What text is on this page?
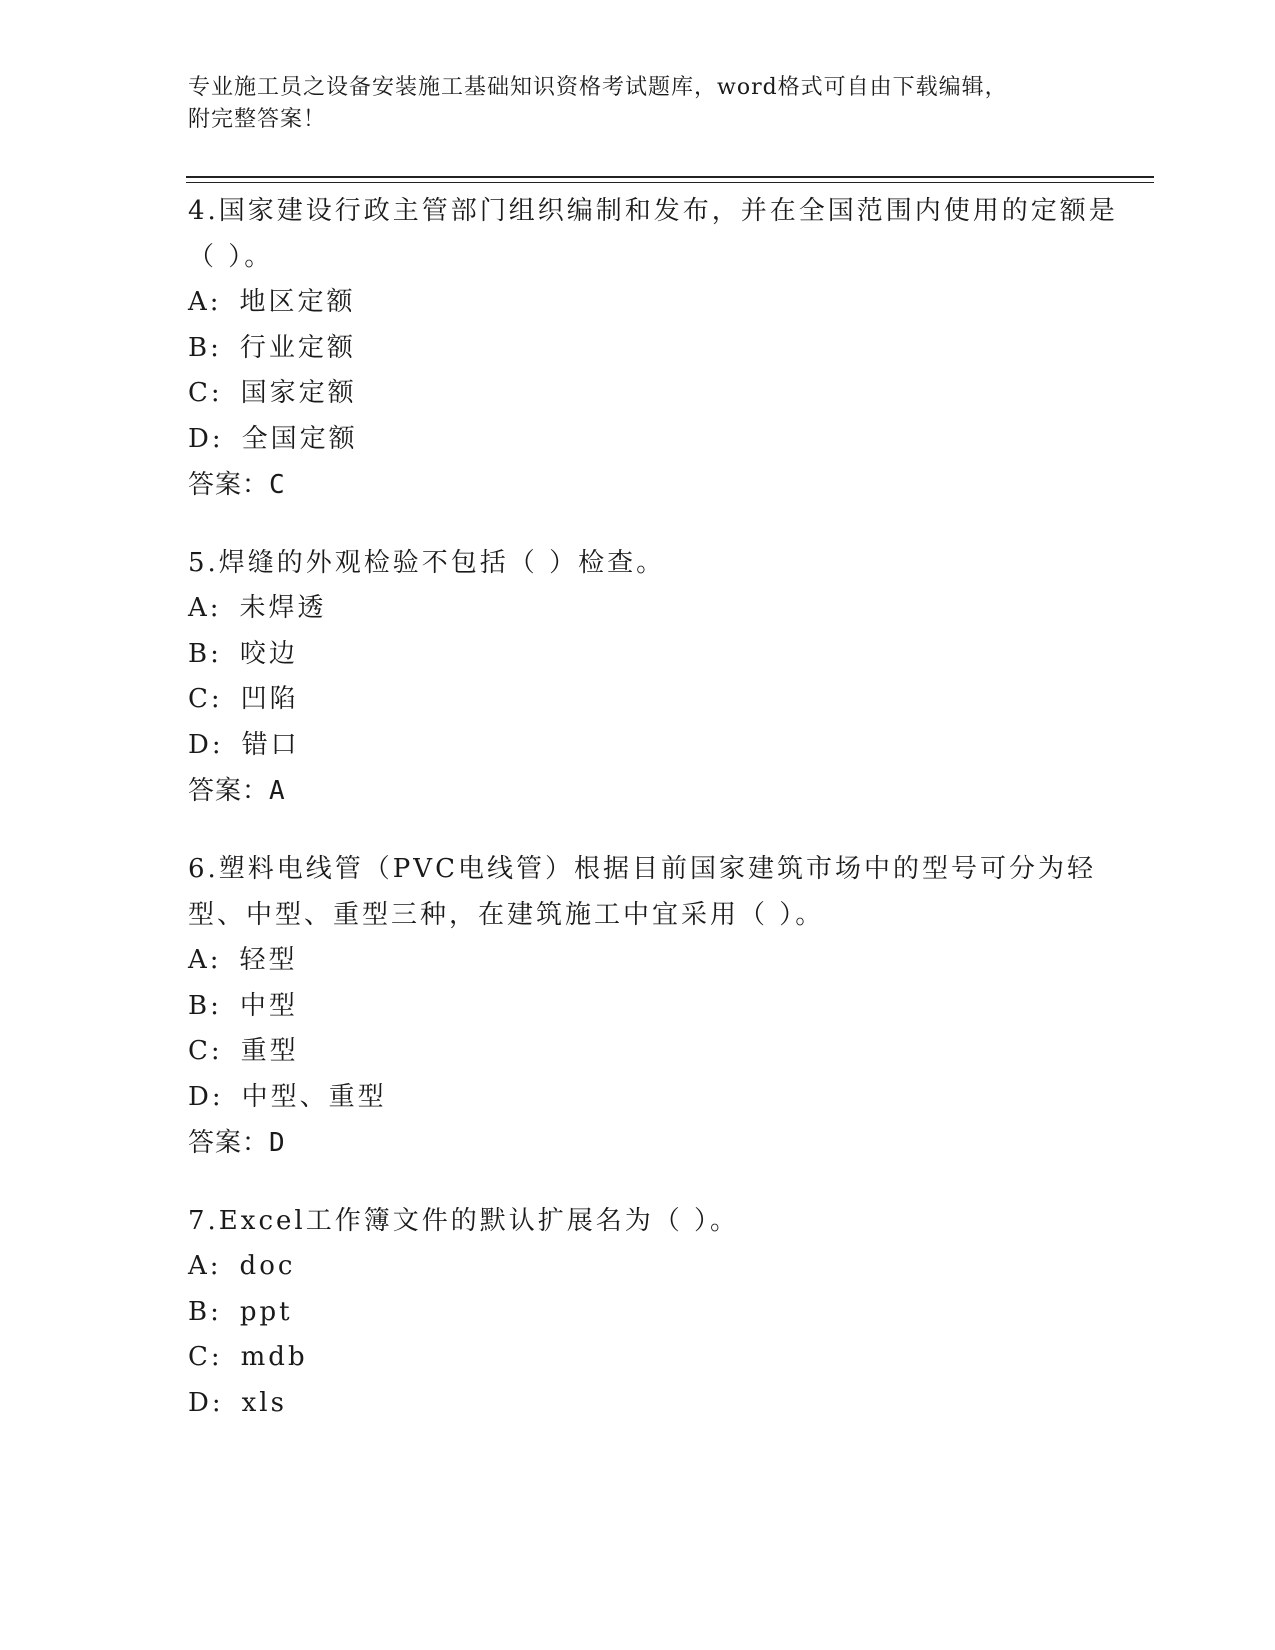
专业施工员之设备安装施工基础知识资格考试题库，word格式可自由下载编辑，
附完整答案！
4.国家建设行政主管部门组织编制和发布，并在全国范围内使用的定额是（ ）。
A: 地区定额
B: 行业定额
C: 国家定额
D: 全国定额
答案：C
5.焊缝的外观检验不包括（ ）检查。
A: 未焊透
B: 咬边
C: 凹陷
D: 错口
答案：A
6.塑料电线管（PVC电线管）根据目前国家建筑市场中的型号可分为轻型、中型、重型三种，在建筑施工中宜采用（ ）。
A: 轻型
B: 中型
C: 重型
D: 中型、重型
答案：D
7.Excel工作簿文件的默认扩展名为（ ）。
A: doc
B: ppt
C: mdb
D: xls
